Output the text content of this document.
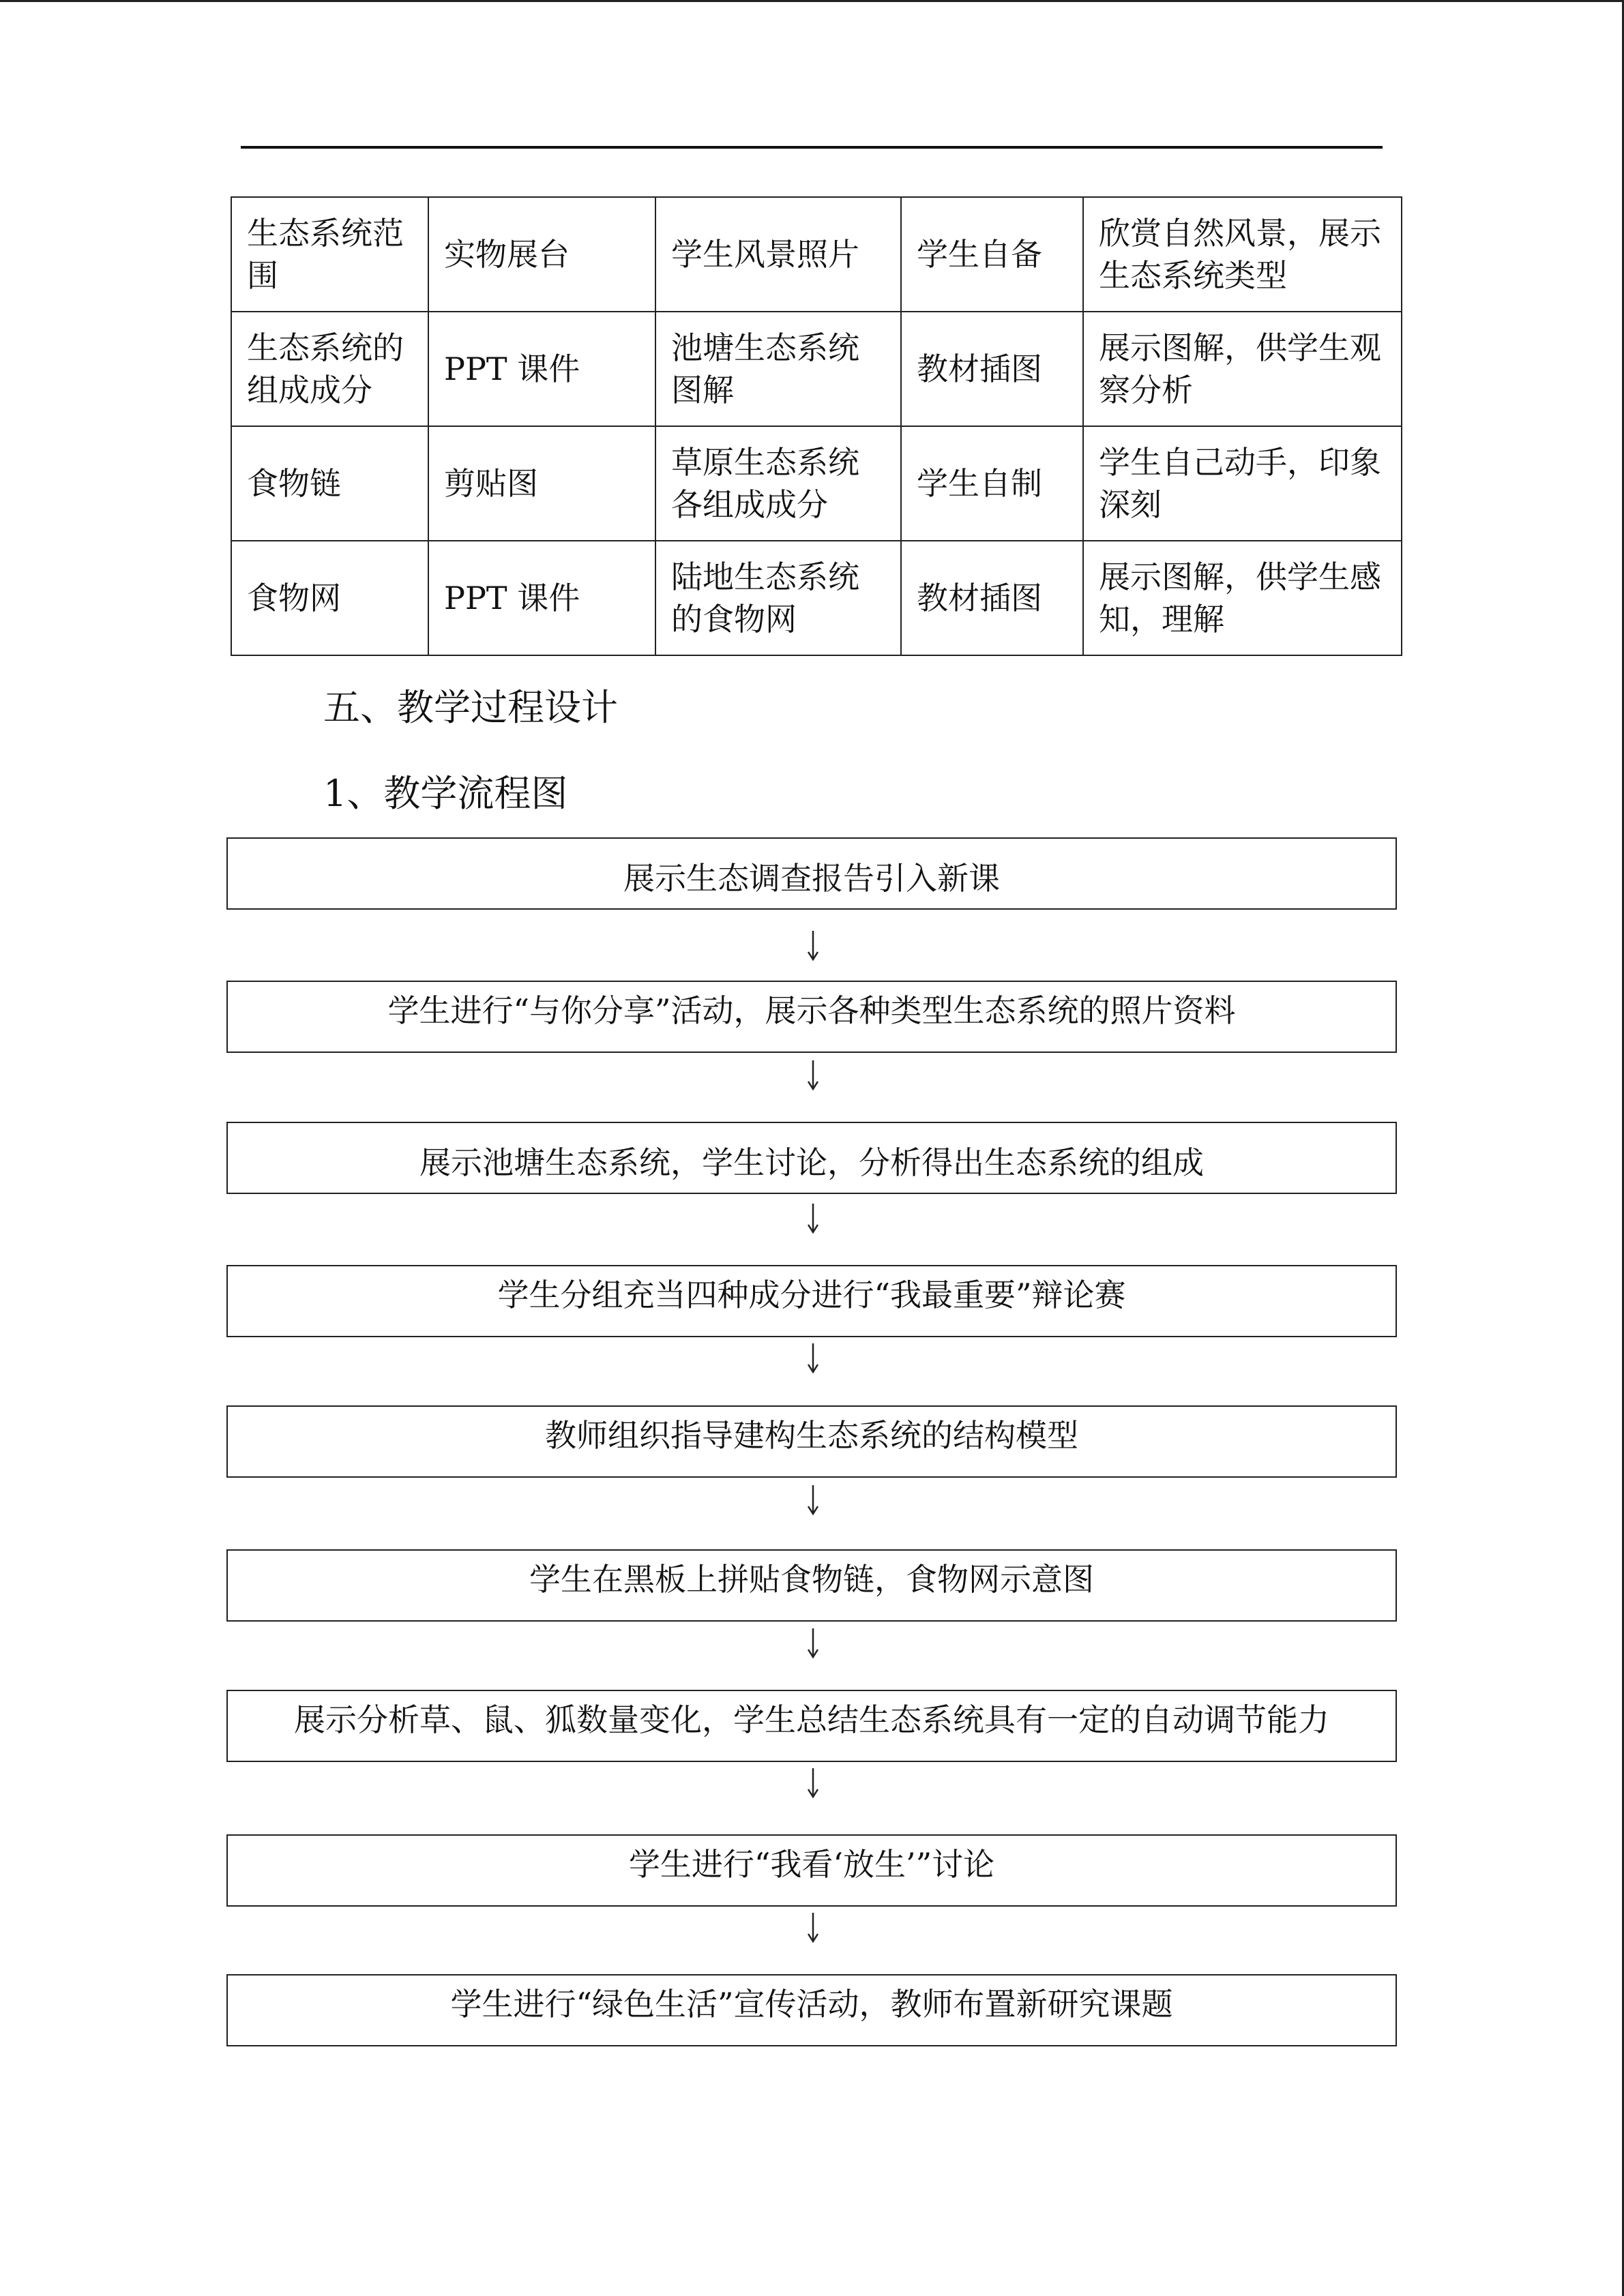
生态系统范围	实物展台	学生风景照片	学生自备	欣赏自然风景，展示生态系统类型
生态系统的组成成分	PPT 课件	池塘生态系统图解	教材插图	展示图解，供学生观察分析
食物链	剪贴图	草原生态系统各组成成分	学生自制	学生自己动手，印象深刻
食物网	PPT 课件	陆地生态系统的食物网	教材插图	展示图解，供学生感知，理解
五、教学过程设计
1、教学流程图
展示生态调查报告引入新课
学生进行“与你分享”活动，展示各种类型生态系统的照片资料
展示池塘生态系统，学生讨论，分析得出生态系统的组成
学生分组充当四种成分进行“我最重要”辩论赛
教师组织指导建构生态系统的结构模型
学生在黑板上拼贴食物链，食物网示意图
展示分析草、鼠、狐数量变化，学生总结生态系统具有一定的自动调节能力
学生进行“我看‘放生’”讨论
学生进行“绿色生活”宣传活动，教师布置新研究课题
